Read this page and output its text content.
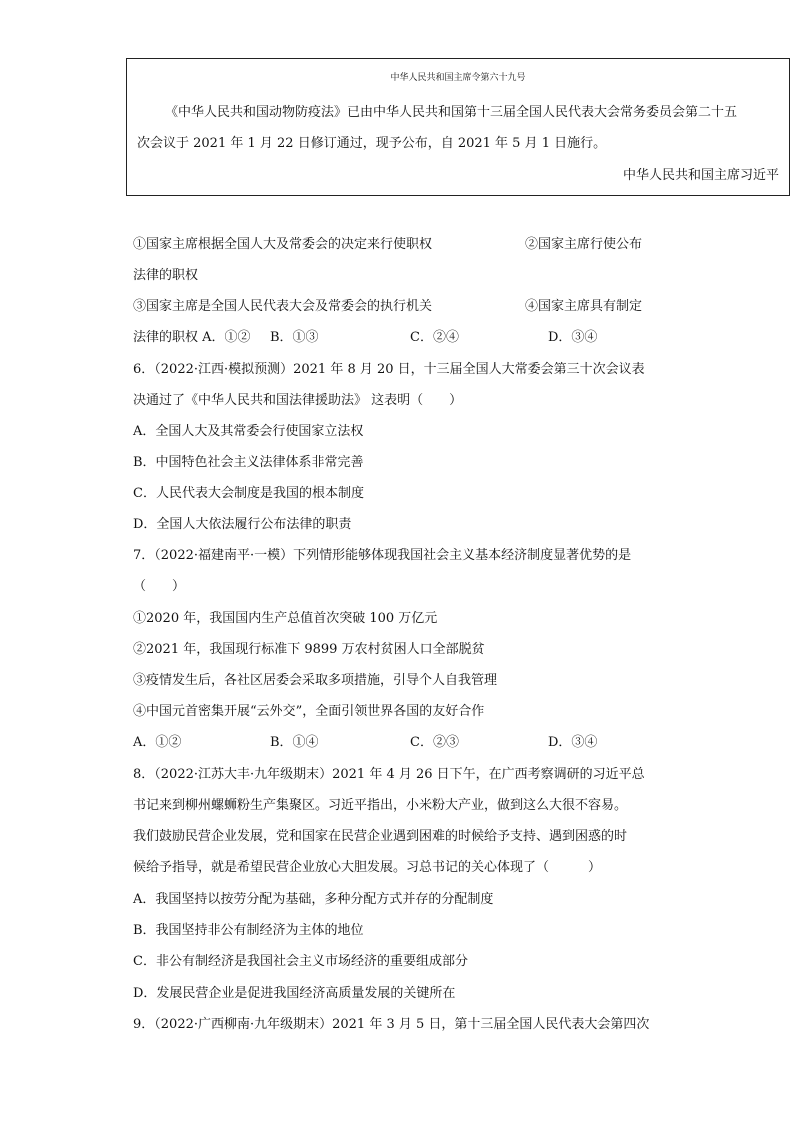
中华人民共和国主席令第六十九号
《中华人民共和国动物防疫法》已由中华人民共和国第十三届全国人民代表大会常务委员会第二十五
次会议于 2021 年 1 月 22 日修订通过，现予公布，自 2021 年 5 月 1 日施行。
中华人民共和国主席习近平
①国家主席根据全国人大及常委会的决定来行使职权	②国家主席行使公布
法律的职权
③国家主席是全国人民代表大会及常委会的执行机关	④国家主席具有制定
法律的职权 A．①② B．①③	C．②④	D．③④
6．（2022·江西·模拟预测）2021 年 8 月 20 日，十三届全国人大常委会第三十次会议表
决通过了《中华人民共和国法律援助法》 这表明（　　）
A．全国人大及其常委会行使国家立法权
B．中国特色社会主义法律体系非常完善
C．人民代表大会制度是我国的根本制度
D．全国人大依法履行公布法律的职责
7．（2022·福建南平·一模）下列情形能够体现我国社会主义基本经济制度显著优势的是
（　　）
①2020 年，我国国内生产总值首次突破 100 万亿元
②2021 年，我国现行标准下 9899 万农村贫困人口全部脱贫
③疫情发生后，各社区居委会采取多项措施，引导个人自我管理
④中国元首密集开展“云外交”，全面引领世界各国的友好合作
A．①②	B．①④	C．②③	D．③④
8．（2022·江苏大丰·九年级期末）2021 年 4 月 26 日下午，在广西考察调研的习近平总
书记来到柳州螺蛳粉生产集聚区。习近平指出，小米粉大产业，做到这么大很不容易。
我们鼓励民营企业发展，党和国家在民营企业遇到困难的时候给予支持、遇到困惑的时
候给予指导，就是希望民营企业放心大胆发展。习总书记的关心体现了（　　　）
A．我国坚持以按劳分配为基础，多种分配方式并存的分配制度
B．我国坚持非公有制经济为主体的地位
C．非公有制经济是我国社会主义市场经济的重要组成部分
D．发展民营企业是促进我国经济高质量发展的关键所在
9．（2022·广西柳南·九年级期末）2021 年 3 月 5 日，第十三届全国人民代表大会第四次
